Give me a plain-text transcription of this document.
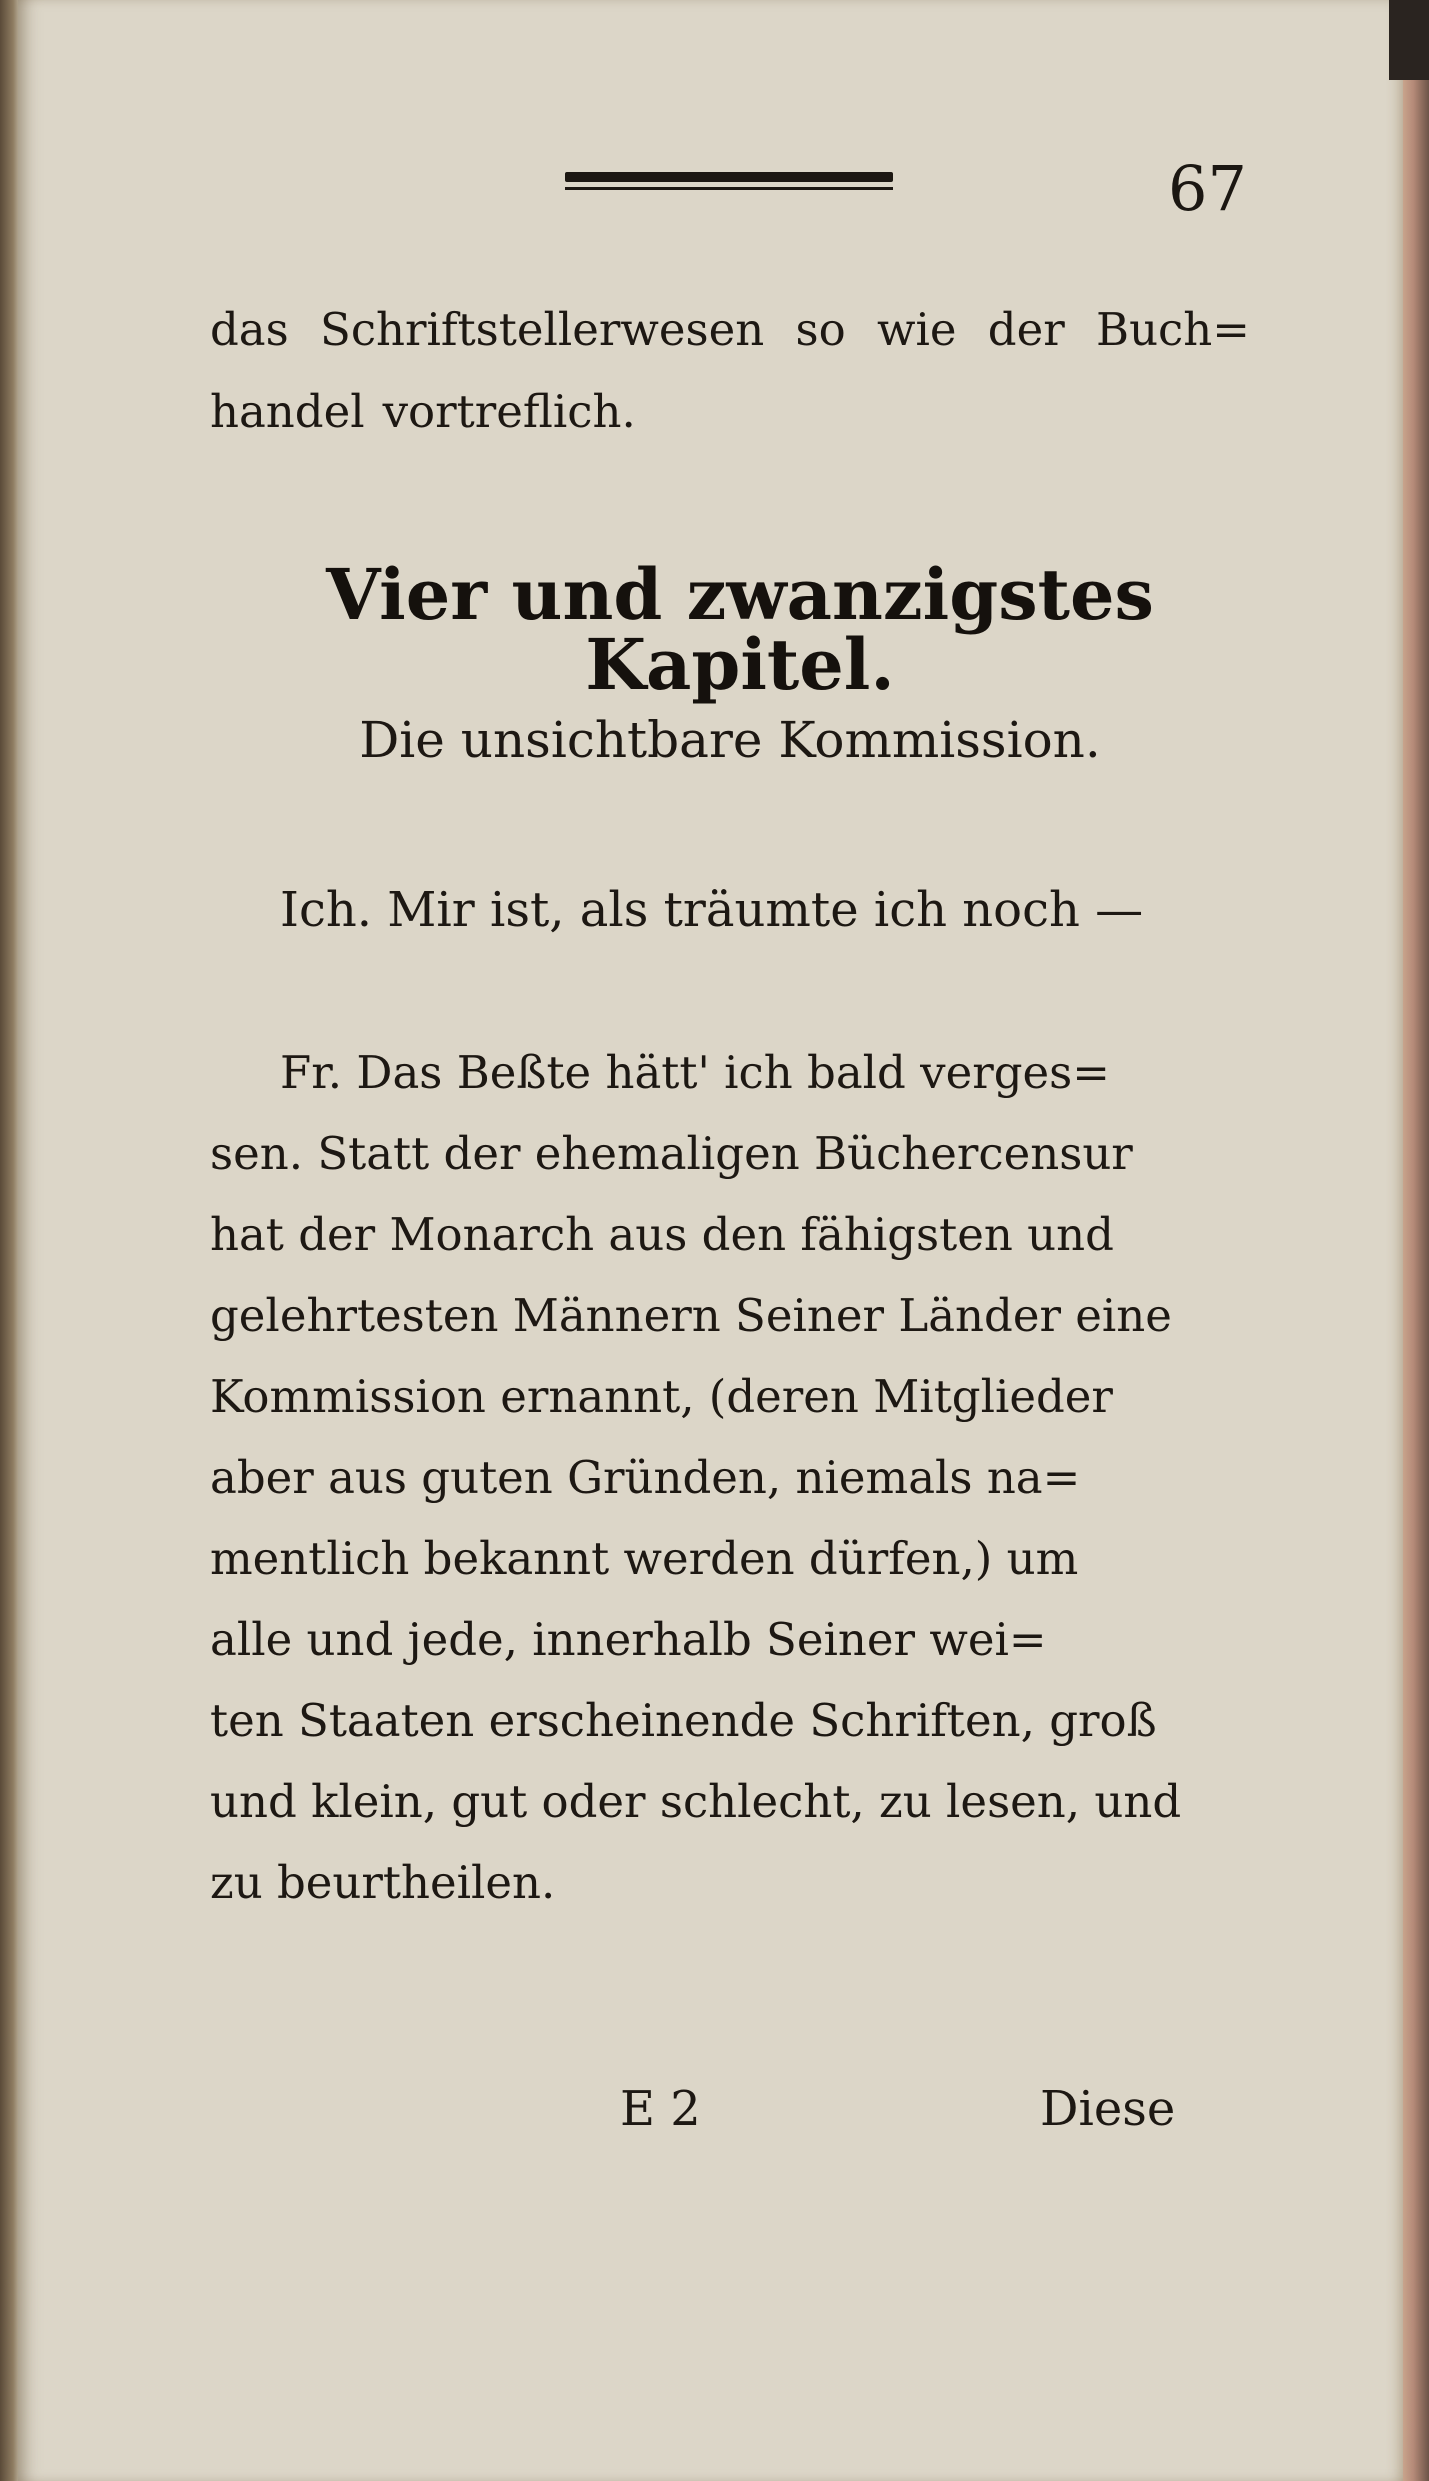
67
das Schriftstellerwesen so wie der Buch=
handel vortreflich.
Vier und zwanzigstes Kapitel.
Die unsichtbare Kommission.
Ich. Mir ist, als träumte ich noch —
Fr. Das Beßte hätt' ich bald verges=
sen. Statt der ehemaligen Büchercensur
hat der Monarch aus den fähigsten und
gelehrtesten Männern Seiner Länder eine
Kommission ernannt, (deren Mitglieder
aber aus guten Gründen, niemals na=
mentlich bekannt werden dürfen,) um
alle und jede, innerhalb Seiner wei=
ten Staaten erscheinende Schriften, groß
und klein, gut oder schlecht, zu lesen, und
zu beurtheilen.
E 2	Diese
